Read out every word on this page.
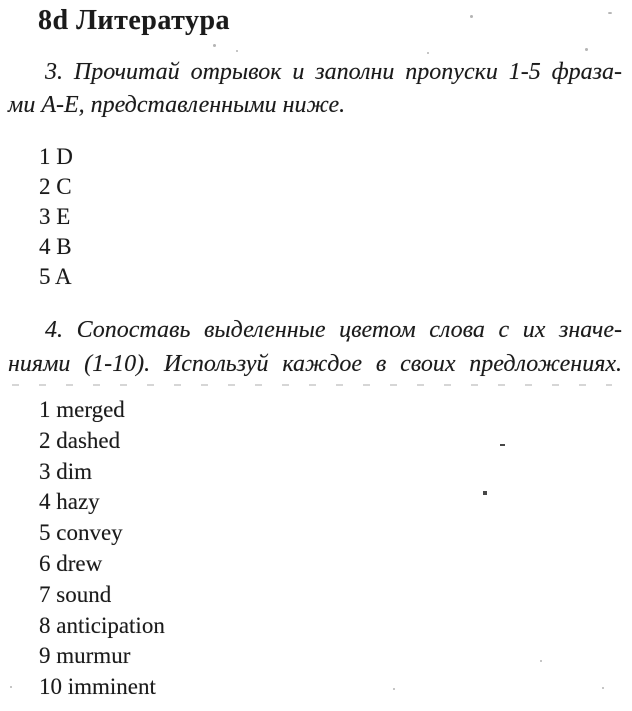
8d Литература
3. Прочитай отрывок и заполни пропуски 1-5 фраза-
ми А-Е, представленными ниже.
1 D
2 C
3 E
4 B
5 A
4. Сопоставь выделенные цветом слова с их значе-
ниями (1-10). Используй каждое в своих предложениях.
1 merged
2 dashed
3 dim
4 hazy
5 convey
6 drew
7 sound
8 anticipation
9 murmur
10 imminent
